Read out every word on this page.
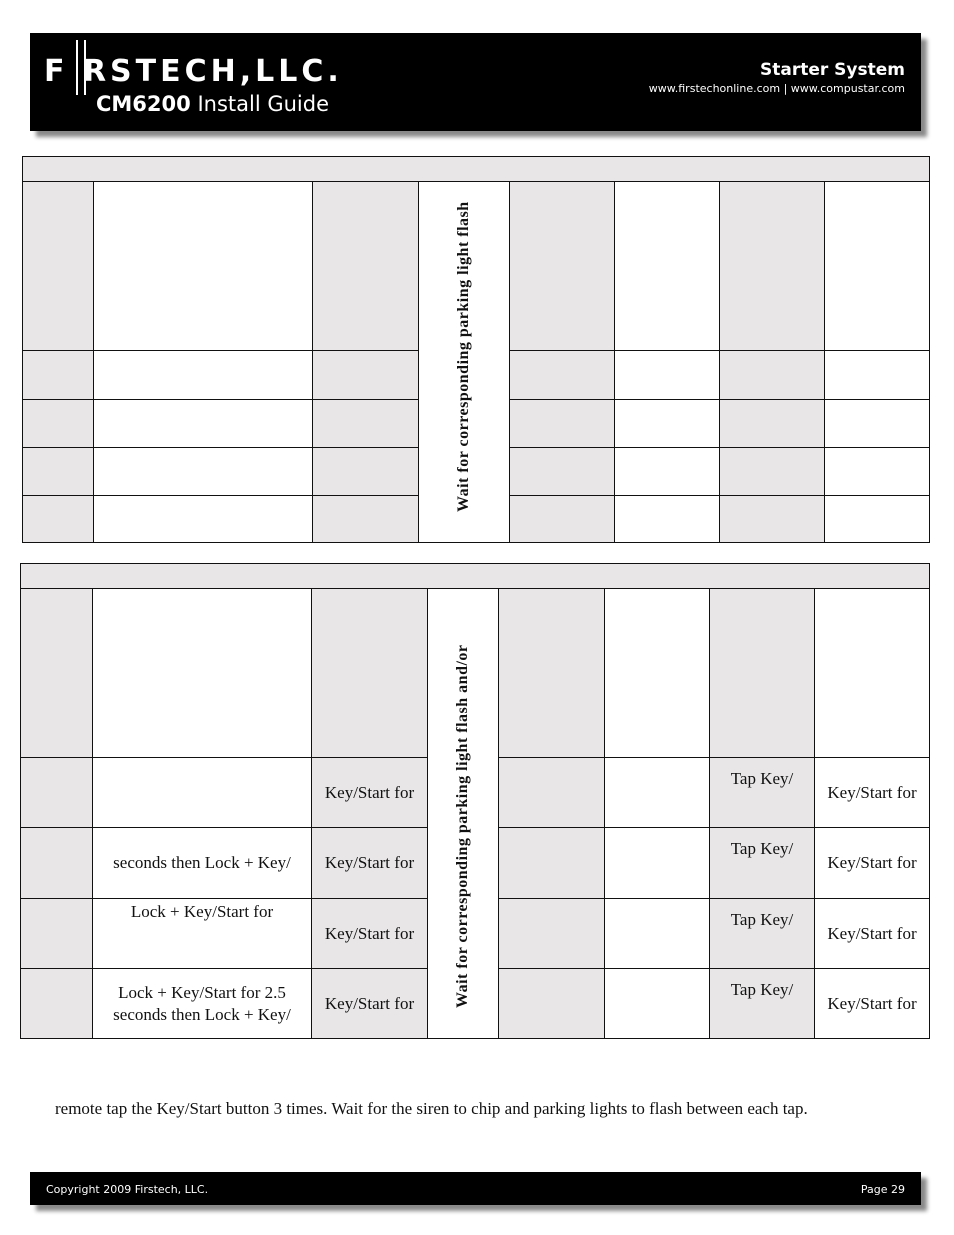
F RSTECH,LLC.
CM6200 Install Guide
Starter System
www.firstechonline.com | www.compustar.com

			Wait for corresponding parking light flash				

			Wait for corresponding parking light flash and/or				

		Key/Start for				Tap Key/	Key/Start for
	seconds then Lock + Key/	Key/Start for				Tap Key/	Key/Start for
	Lock + Key/Start for	Key/Start for				Tap Key/	Key/Start for
	Lock + Key/Start for 2.5 seconds then Lock + Key/	Key/Start for				Tap Key/	Key/Start for
remote tap the Key/Start button 3 times. Wait for the siren to chip and parking lights to flash between each tap.
Copyright 2009 Firstech, LLC.	Page 29
